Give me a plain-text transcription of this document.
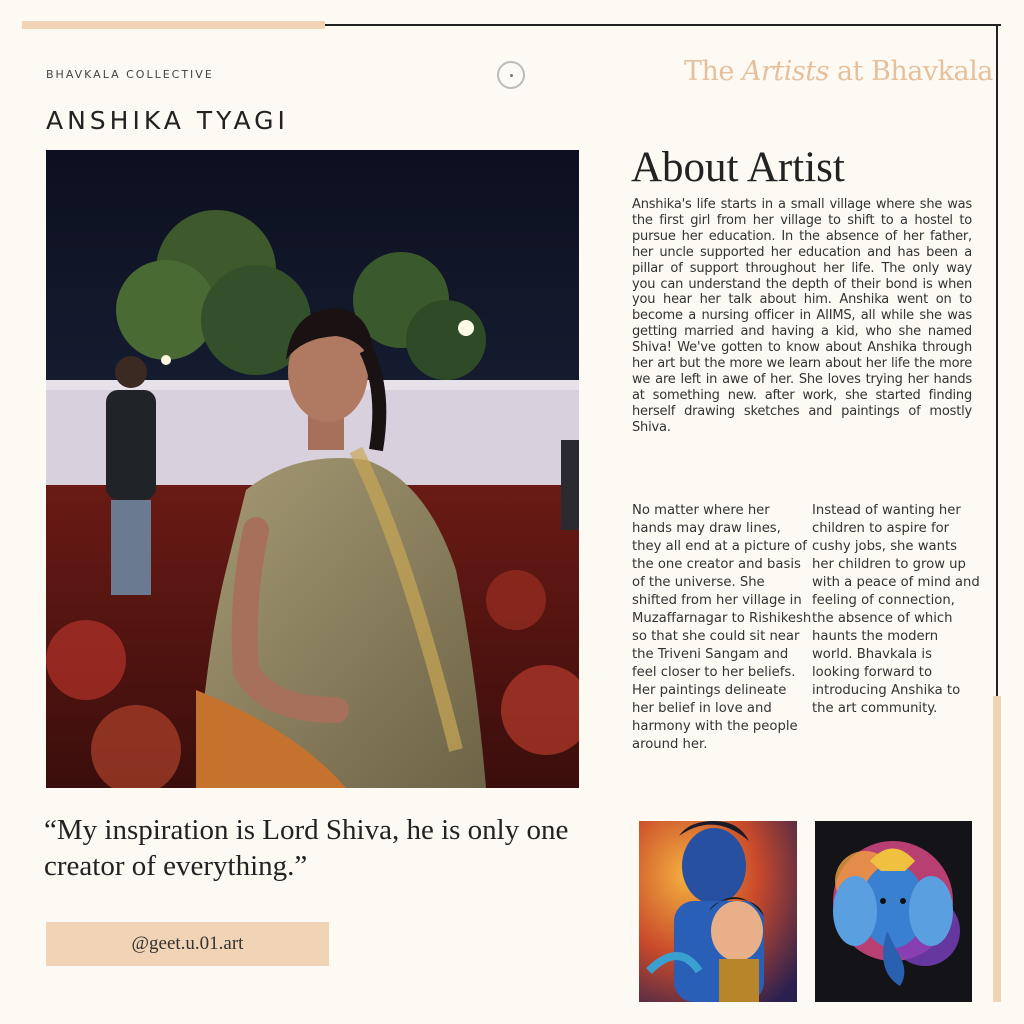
BHAVKALA COLLECTIVE	The Artists at Bhavkala
ANSHIKA TYAGI
“My inspiration is Lord Shiva, he is only one creator of everything.”
@geet.u.01.art
About Artist
Anshika's life starts in a small village where she was the first girl from her village to shift to a hostel to pursue her education. In the absence of her father, her uncle supported her education and has been a pillar of support throughout her life. The only way you can understand the depth of their bond is when you hear her talk about him. Anshika went on to become a nursing officer in AIIMS, all while she was getting married and having a kid, who she named Shiva! We've gotten to know about Anshika through her art but the more we learn about her life the more we are left in awe of her. She loves trying her hands at something new. after work, she started finding herself drawing sketches and paintings of mostly Shiva.
No matter where her hands may draw lines, they all end at a picture of the one creator and basis of the universe. She shifted from her village in Muzaffarnagar to Rishikesh so that she could sit near the Triveni Sangam and feel closer to her beliefs. Her paintings delineate her belief in love and harmony with the people around her.
Instead of wanting her children to aspire for cushy jobs, she wants her children to grow up with a peace of mind and feeling of connection, the absence of which haunts the modern world. Bhavkala is looking forward to introducing Anshika to the art community.
